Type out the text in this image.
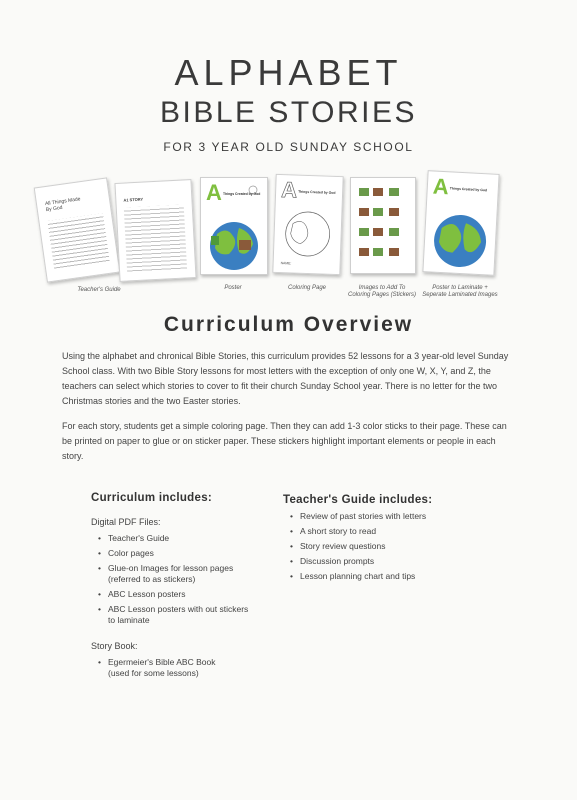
ALPHABET
BIBLE STORIES
FOR 3 YEAR OLD SUNDAY SCHOOL
All Things Made By God
A1 STORY	A Things Created by God A Things Created by God
NAME:
A Things Created by God
Teacher's Guide	Poster	Coloring Page	Images to Add To
Coloring Pages (Stickers)
Poster to Laminate +
Seperate Laminated Images
Curriculum Overview

Using the alphabet and chronical Bible Stories, this curriculum provides 52 lessons for a 3 year-old level Sunday School class. With two Bible Story lessons for most letters with the exception of only one W, X, Y, and Z, the teachers can select which stories to cover to fit their church Sunday School year. There is no letter for the two Christmas stories and the two Easter stories.

For each story, students get a simple coloring page. Then they can add 1-3 color sticks to their page. These can be printed on paper to glue or on sticker paper. These stickers highlight important elements or people in each story.

Curriculum includes:
Digital PDF Files:
• Teacher's Guide
• Color pages
• Glue-on Images for lesson pages
(referred to as stickers)
• ABC Lesson posters
• ABC Lesson posters with out stickers
to laminate
Story Book:
• Egermeier's Bible ABC Book
(used for some lessons)
Teacher's Guide includes:
• Review of past stories with letters
• A short story to read
• Story review questions
• Discussion prompts
• Lesson planning chart and tips
